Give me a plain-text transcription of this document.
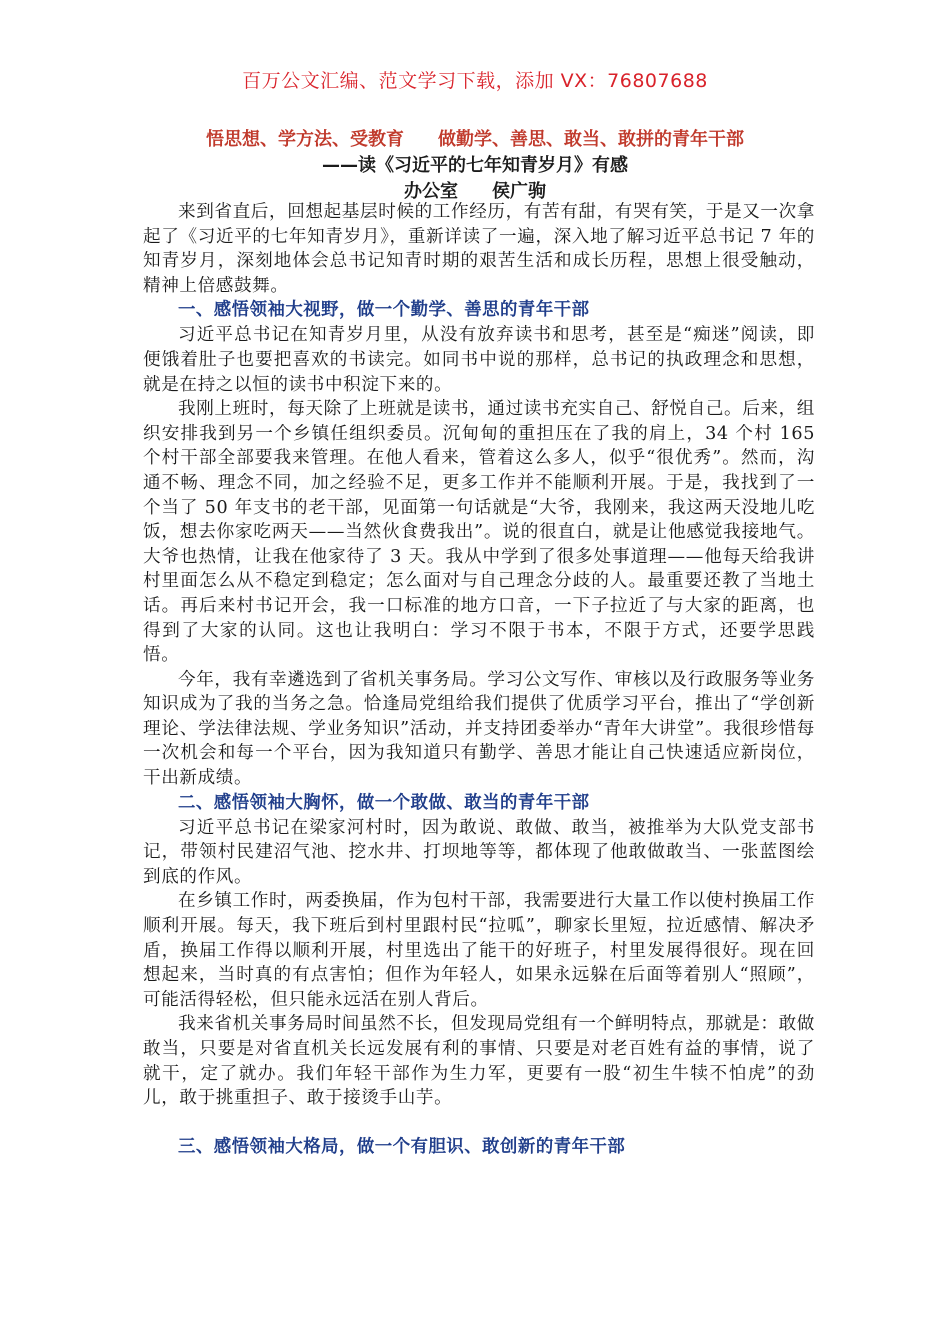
百万公文汇编、范文学习下载，添加 VX：76807688
悟思想、学方法、受教育 做勤学、善思、敢当、敢拼的青年干部
——读《习近平的七年知青岁月》有感
办公室 侯广驹

来到省直后，回想起基层时候的工作经历，有苦有甜，有哭有笑，于是又一次拿起了《习近平的七年知青岁月》，重新详读了一遍，深入地了解习近平总书记 7 年的知青岁月，深刻地体会总书记知青时期的艰苦生活和成长历程，思想上很受触动，精神上倍感鼓舞。

一、感悟领袖大视野，做一个勤学、善思的青年干部

习近平总书记在知青岁月里，从没有放弃读书和思考，甚至是“痴迷”阅读，即便饿着肚子也要把喜欢的书读完。如同书中说的那样，总书记的执政理念和思想，就是在持之以恒的读书中积淀下来的。

我刚上班时，每天除了上班就是读书，通过读书充实自己、舒悦自己。后来，组织安排我到另一个乡镇任组织委员。沉甸甸的重担压在了我的肩上，34 个村 165 个村干部全部要我来管理。在他人看来，管着这么多人，似乎“很优秀”。然而，沟通不畅、理念不同，加之经验不足，更多工作并不能顺利开展。于是，我找到了一个当了 50 年支书的老干部，见面第一句话就是“大爷，我刚来，我这两天没地儿吃饭，想去你家吃两天——当然伙食费我出”。说的很直白，就是让他感觉我接地气。大爷也热情，让我在他家待了 3 天。我从中学到了很多处事道理——他每天给我讲村里面怎么从不稳定到稳定；怎么面对与自己理念分歧的人。最重要还教了当地土话。再后来村书记开会，我一口标准的地方口音，一下子拉近了与大家的距离，也得到了大家的认同。这也让我明白：学习不限于书本，不限于方式，还要学思践悟。

今年，我有幸遴选到了省机关事务局。学习公文写作、审核以及行政服务等业务知识成为了我的当务之急。恰逢局党组给我们提供了优质学习平台，推出了“学创新理论、学法律法规、学业务知识”活动，并支持团委举办“青年大讲堂”。我很珍惜每一次机会和每一个平台，因为我知道只有勤学、善思才能让自己快速适应新岗位，干出新成绩。

二、感悟领袖大胸怀，做一个敢做、敢当的青年干部

习近平总书记在梁家河村时，因为敢说、敢做、敢当，被推举为大队党支部书记，带领村民建沼气池、挖水井、打坝地等等，都体现了他敢做敢当、一张蓝图绘到底的作风。

在乡镇工作时，两委换届，作为包村干部，我需要进行大量工作以使村换届工作顺利开展。每天，我下班后到村里跟村民“拉呱”，聊家长里短，拉近感情、解决矛盾，换届工作得以顺利开展，村里选出了能干的好班子，村里发展得很好。现在回想起来，当时真的有点害怕；但作为年轻人，如果永远躲在后面等着别人“照顾”，可能活得轻松，但只能永远活在别人背后。

我来省机关事务局时间虽然不长，但发现局党组有一个鲜明特点，那就是：敢做敢当，只要是对省直机关长远发展有利的事情、只要是对老百姓有益的事情，说了就干，定了就办。我们年轻干部作为生力军，更要有一股“初生牛犊不怕虎”的劲儿，敢于挑重担子、敢于接烫手山芋。

三、感悟领袖大格局，做一个有胆识、敢创新的青年干部
